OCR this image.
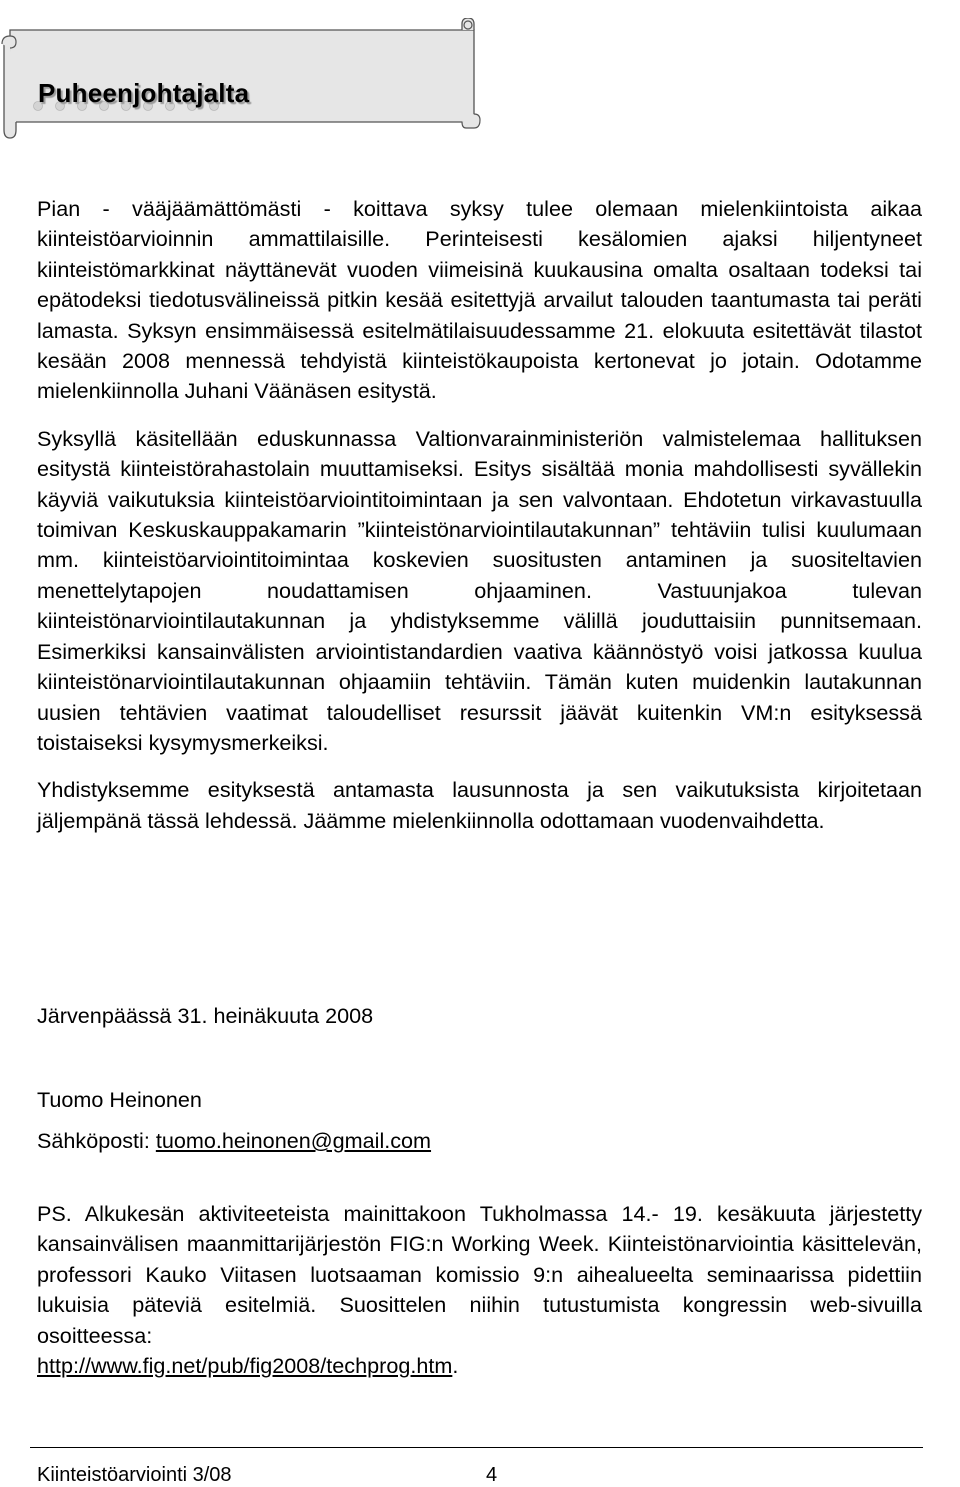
Puheenjohtajalta

Pian - vääjäämättömästi - koittava syksy tulee olemaan mielenkiintoista aikaa kiinteistöarvioinnin ammattilaisille. Perinteisesti kesälomien ajaksi hiljentyneet kiinteistömarkkinat näyttänevät vuoden viimeisinä kuukausina omalta osaltaan todeksi tai epätodeksi tiedotusvälineissä pitkin kesää esitettyjä arvailut talouden taantumasta tai peräti lamasta. Syksyn ensimmäisessä esitelmätilaisuudessamme 21. elokuuta esitettävät tilastot kesään 2008 mennessä tehdyistä kiinteistökaupoista kertonevat jo jotain. Odotamme mielenkiinnolla Juhani Väänäsen esitystä.

Syksyllä käsitellään eduskunnassa Valtionvarainministeriön valmistelemaa hallituksen esitystä kiinteistörahastolain muuttamiseksi. Esitys sisältää monia mahdollisesti syvällekin käyviä vaikutuksia kiinteistöarviointitoimintaan ja sen valvontaan. Ehdotetun virkavastuulla toimivan Keskuskauppakamarin ”kiinteistönarviointilautakunnan” tehtäviin tulisi kuulumaan mm. kiinteistöarviointitoimintaa koskevien suositusten antaminen ja suositeltavien menettelytapojen noudattamisen ohjaaminen. Vastuunjakoa tulevan kiinteistönarviointilautakunnan ja yhdistyksemme välillä jouduttaisiin punnitsemaan. Esimerkiksi kansainvälisten arviointistandardien vaativa käännöstyö voisi jatkossa kuulua kiinteistönarviointilautakunnan ohjaamiin tehtäviin. Tämän kuten muidenkin lautakunnan uusien tehtävien vaatimat taloudelliset resurssit jäävät kuitenkin VM:n esityksessä toistaiseksi kysymysmerkeiksi.

Yhdistyksemme esityksestä antamasta lausunnosta ja sen vaikutuksista kirjoitetaan jäljempänä tässä lehdessä. Jäämme mielenkiinnolla odottamaan vuodenvaihdetta.

Järvenpäässä 31. heinäkuuta 2008

Tuomo Heinonen

Sähköposti: tuomo.heinonen@gmail.com

PS. Alkukesän aktiviteeteista mainittakoon Tukholmassa 14.- 19. kesäkuuta järjestetty kansainvälisen maanmittarijärjestön FIG:n Working Week. Kiinteistönarviointia käsittelevän, professori Kauko Viitasen luotsaaman komissio 9:n aihealueelta seminaarissa pidettiin lukuisia päteviä esitelmiä. Suosittelen niihin tutustumista kongressin web-sivuilla osoitteessa:
http://www.fig.net/pub/fig2008/techprog.htm.

Kiinteistöarviointi 3/08	4
